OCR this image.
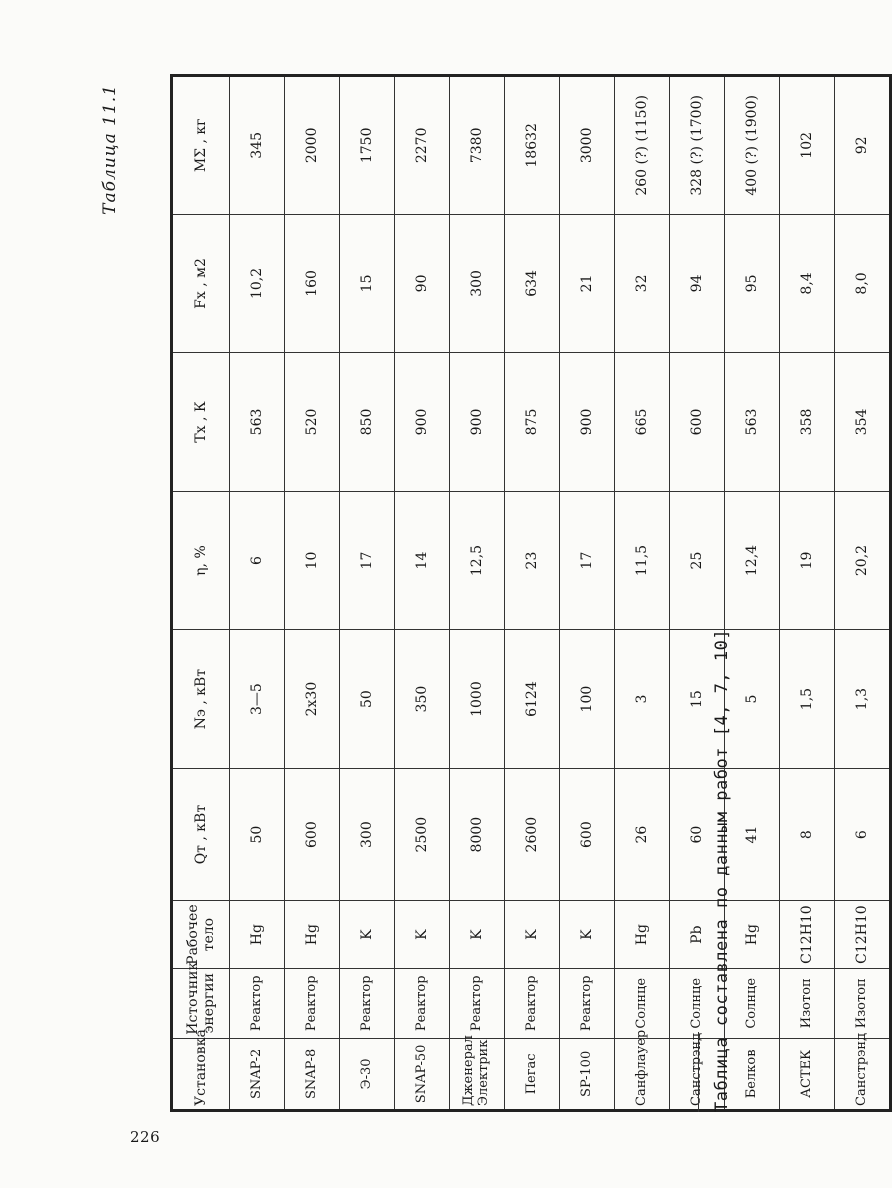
226
Таблица 11.1
Установка	Источник энергии	Рабочее тело	Qт , кВт	Nэ , кВт	η, %	Tх , К	Fх , м2	MΣ , кг
SNAP-2	Реактор	Hg	50	3—5	6	563	10,2	345
SNAP-8	Реактор	Hg	600	2x30	10	520	160	2000
Э-30	Реактор	K	300	50	17	850	15	1750
SNAP-50	Реактор	K	2500	350	14	900	90	2270
Дженерал Электрик	Реактор	K	8000	1000	12,5	900	300	7380
Пегас	Реактор	K	2600	6124	23	875	634	18632
SP-100	Реактор	K	600	100	17	900	21	3000
Санфлауер	Солнце	Hg	26	3	11,5	665	32	260 (?) (1150)
Санстрэнд	Солнце	Pb	60	15	25	600	94	328 (?) (1700)
Белков	Солнце	Hg	41	5	12,4	563	95	400 (?) (1900)
АСТЕК	Изотоп	C12H10	8	1,5	19	358	8,4	102
Санстрэнд	Изотоп	C12H10	6	1,3	20,2	354	8,0	92
Таблица составлена по данным работ [4, 7, 10]
